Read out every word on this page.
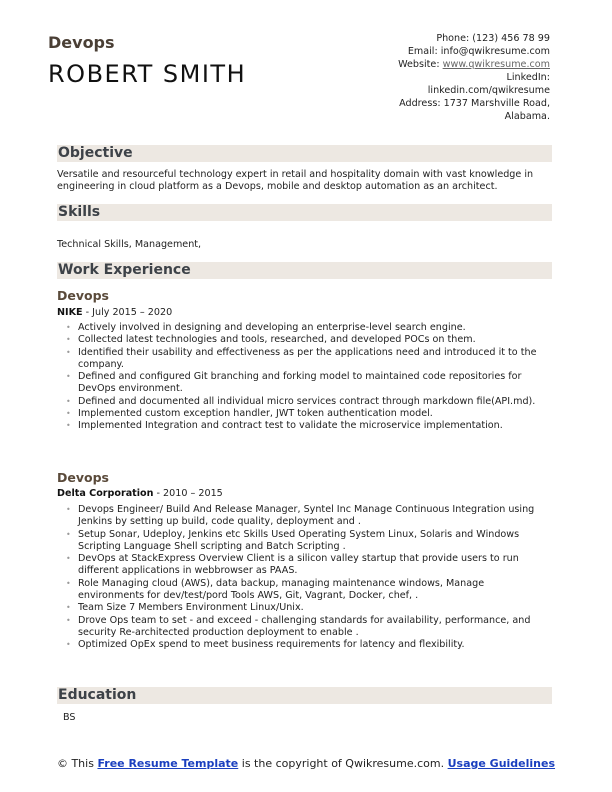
Devops
ROBERT SMITH
Phone: (123) 456 78 99
Email: info@qwikresume.com
Website: www.qwikresume.com
LinkedIn:
linkedin.com/qwikresume
Address: 1737 Marshville Road,
Alabama.
Objective
Versatile and resourceful technology expert in retail and hospitality domain with vast knowledge in engineering in cloud platform as a Devops, mobile and desktop automation as an architect.
Skills
Technical Skills, Management,
Work Experience
Devops
NIKE - July 2015 – 2020
• Actively involved in designing and developing an enterprise-level search engine.
• Collected latest technologies and tools, researched, and developed POCs on them.
• Identified their usability and effectiveness as per the applications need and introduced it to the company.
• Defined and configured Git branching and forking model to maintained code repositories for DevOps environment.
• Defined and documented all individual micro services contract through markdown file(API.md).
• Implemented custom exception handler, JWT token authentication model.
• Implemented Integration and contract test to validate the microservice implementation.
Devops
Delta Corporation - 2010 – 2015
• Devops Engineer/ Build And Release Manager, Syntel Inc Manage Continuous Integration using Jenkins by setting up build, code quality, deployment and .
• Setup Sonar, Udeploy, Jenkins etc Skills Used Operating System Linux, Solaris and Windows Scripting Language Shell scripting and Batch Scripting .
• DevOps at StackExpress Overview Client is a silicon valley startup that provide users to run different applications in webbrowser as PAAS.
• Role Managing cloud (AWS), data backup, managing maintenance windows, Manage environments for dev/test/pord Tools AWS, Git, Vagrant, Docker, chef, .
• Team Size 7 Members Environment Linux/Unix.
• Drove Ops team to set - and exceed - challenging standards for availability, performance, and security Re-architected production deployment to enable .
• Optimized OpEx spend to meet business requirements for latency and flexibility.
Education
BS
© This Free Resume Template is the copyright of Qwikresume.com. Usage Guidelines
